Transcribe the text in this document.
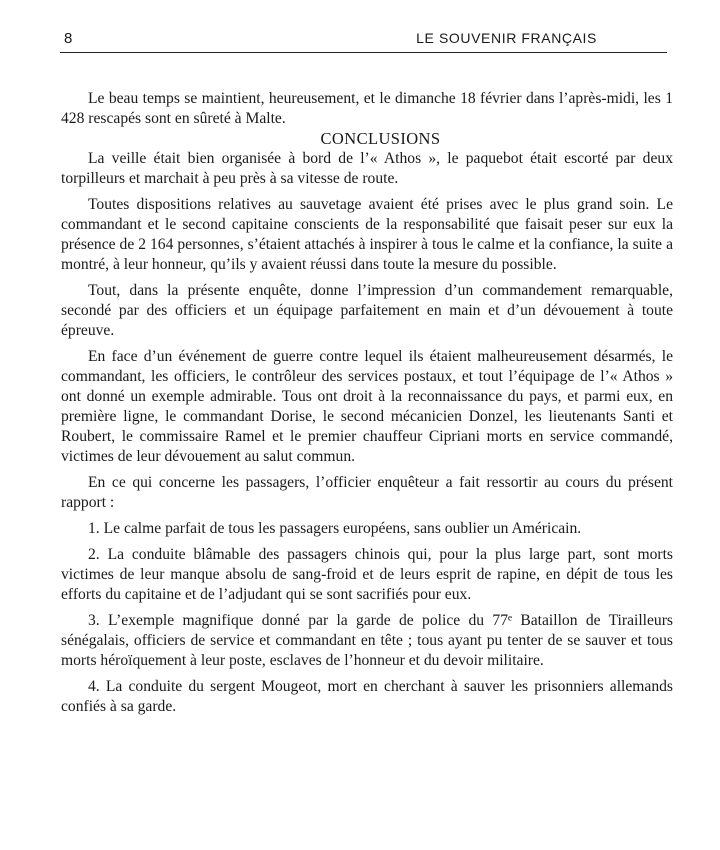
8	LE SOUVENIR FRANÇAIS

Le beau temps se maintient, heureusement, et le dimanche 18 février dans l’après-midi, les 1 428 rescapés sont en sûreté à Malte.

CONCLUSIONS

La veille était bien organisée à bord de l’« Athos », le paquebot était escorté par deux torpilleurs et marchait à peu près à sa vitesse de route.

Toutes dispositions relatives au sauvetage avaient été prises avec le plus grand soin. Le commandant et le second capitaine conscients de la responsabilité que faisait peser sur eux la présence de 2 164 personnes, s’étaient attachés à inspirer à tous le calme et la confiance, la suite a montré, à leur honneur, qu’ils y avaient réussi dans toute la mesure du possible.

Tout, dans la présente enquête, donne l’impression d’un commandement remarquable, secondé par des officiers et un équipage parfaitement en main et d’un dévouement à toute épreuve.

En face d’un événement de guerre contre lequel ils étaient malheureusement désarmés, le commandant, les officiers, le contrôleur des services postaux, et tout l’équipage de l’« Athos » ont donné un exemple admirable. Tous ont droit à la reconnaissance du pays, et parmi eux, en première ligne, le commandant Dorise, le second mécanicien Donzel, les lieutenants Santi et Roubert, le commissaire Ramel et le premier chauffeur Cipriani morts en service commandé, victimes de leur dévouement au salut commun.

En ce qui concerne les passagers, l’officier enquêteur a fait ressortir au cours du présent rapport :

1. Le calme parfait de tous les passagers européens, sans oublier un Américain.

2. La conduite blâmable des passagers chinois qui, pour la plus large part, sont morts victimes de leur manque absolu de sang-froid et de leurs esprit de rapine, en dépit de tous les efforts du capitaine et de l’adjudant qui se sont sacrifiés pour eux.

3. L’exemple magnifique donné par la garde de police du 77ᵉ Bataillon de Tirailleurs sénégalais, officiers de service et commandant en tête ; tous ayant pu tenter de se sauver et tous morts héroïquement à leur poste, esclaves de l’honneur et du devoir militaire.

4. La conduite du sergent Mougeot, mort en cherchant à sauver les prisonniers allemands confiés à sa garde.
